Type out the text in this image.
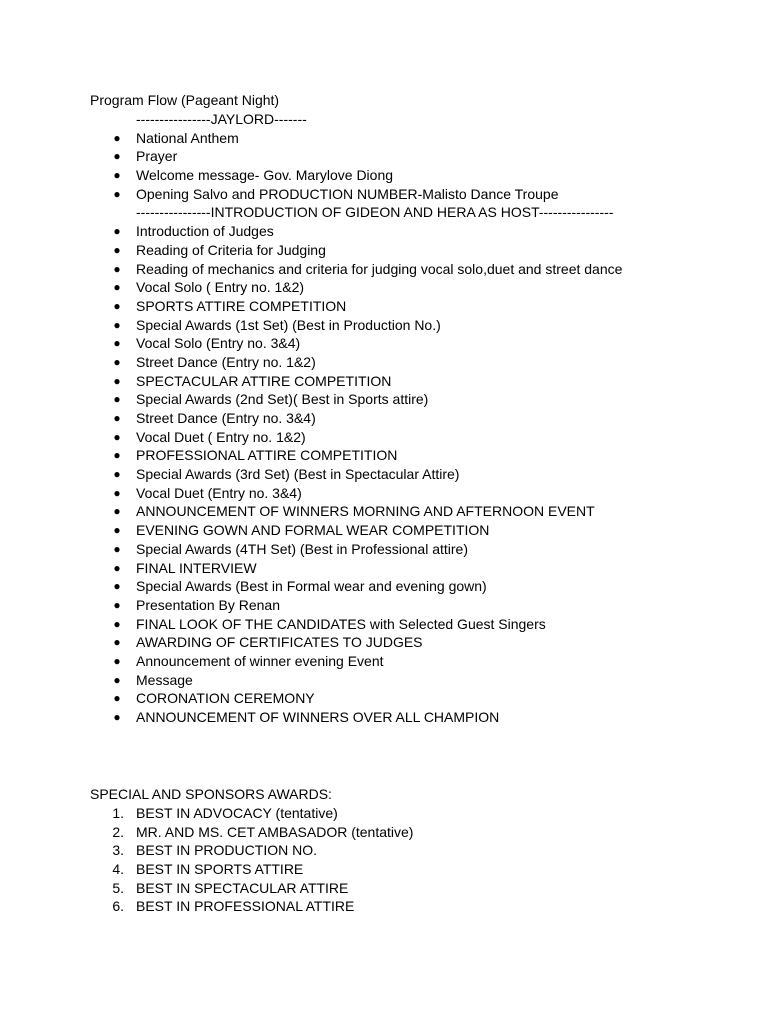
Program Flow (Pageant Night)
----------------JAYLORD-------
● National Anthem
● Prayer
● Welcome message- Gov. Marylove Diong
● Opening Salvo and PRODUCTION NUMBER-Malisto Dance Troupe
----------------INTRODUCTION OF GIDEON AND HERA AS HOST----------------
● Introduction of Judges
● Reading of Criteria for Judging
● Reading of mechanics and criteria for judging vocal solo,duet and street dance
● Vocal Solo ( Entry no. 1&2)
● SPORTS ATTIRE COMPETITION
● Special Awards (1st Set) (Best in Production No.)
● Vocal Solo (Entry no. 3&4)
● Street Dance (Entry no. 1&2)
● SPECTACULAR ATTIRE COMPETITION
● Special Awards (2nd Set)( Best in Sports attire)
● Street Dance (Entry no. 3&4)
● Vocal Duet ( Entry no. 1&2)
● PROFESSIONAL ATTIRE COMPETITION
● Special Awards (3rd Set) (Best in Spectacular Attire)
● Vocal Duet (Entry no. 3&4)
● ANNOUNCEMENT OF WINNERS MORNING AND AFTERNOON EVENT
● EVENING GOWN AND FORMAL WEAR COMPETITION
● Special Awards (4TH Set) (Best in Professional attire)
● FINAL INTERVIEW
● Special Awards (Best in Formal wear and evening gown)
● Presentation By Renan
● FINAL LOOK OF THE CANDIDATES with Selected Guest Singers
● AWARDING OF CERTIFICATES TO JUDGES
● Announcement of winner evening Event
● Message
● CORONATION CEREMONY
● ANNOUNCEMENT OF WINNERS OVER ALL CHAMPION
SPECIAL AND SPONSORS AWARDS:
1. BEST IN ADVOCACY (tentative)
2. MR. AND MS. CET AMBASADOR (tentative)
3. BEST IN PRODUCTION NO.
4. BEST IN SPORTS ATTIRE
5. BEST IN SPECTACULAR ATTIRE
6. BEST IN PROFESSIONAL ATTIRE
